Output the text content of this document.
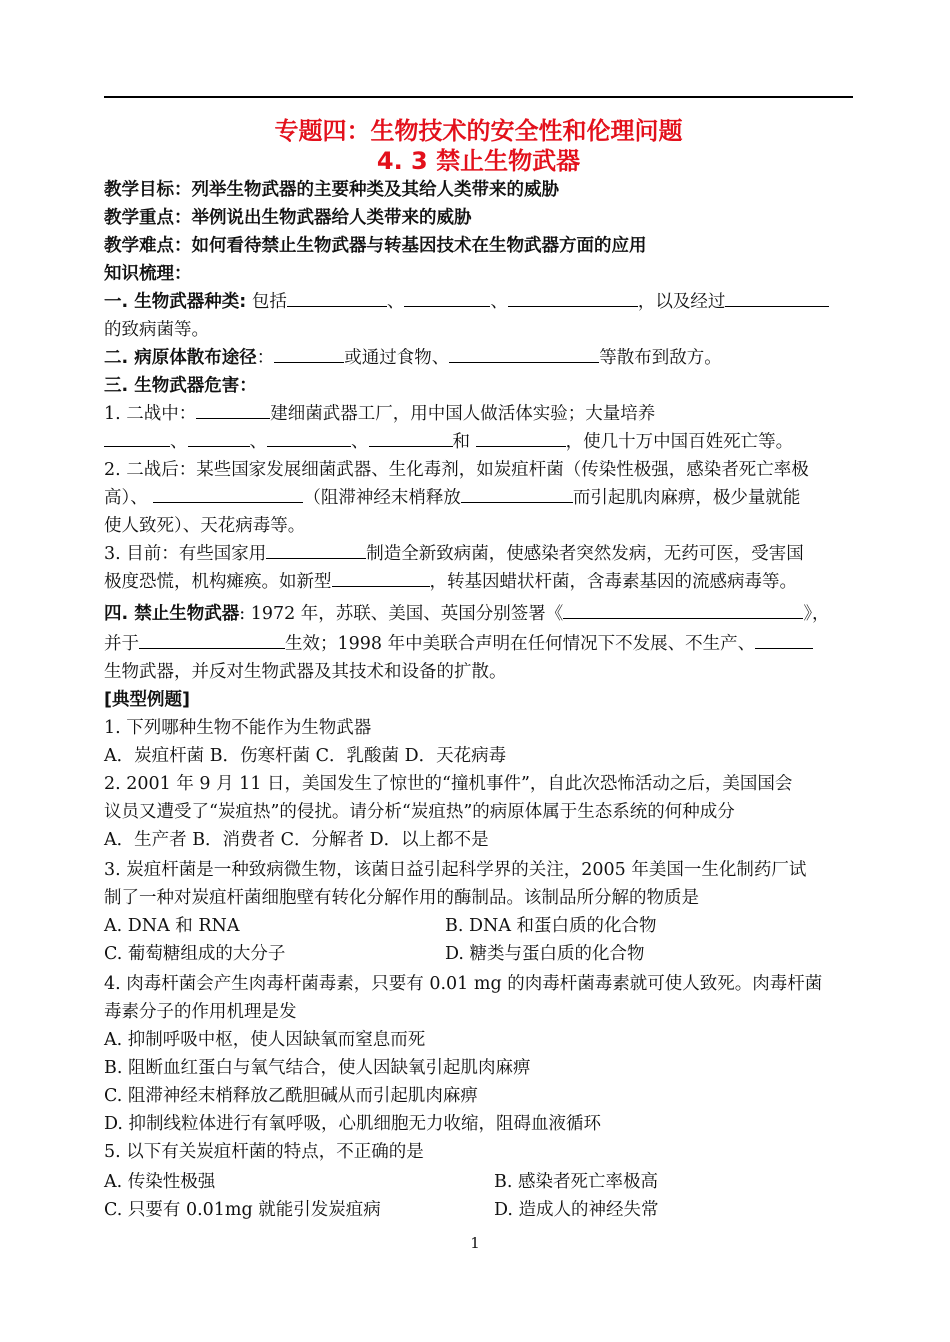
专题四：生物技术的安全性和伦理问题
4. 3 禁止生物武器
教学目标：列举生物武器的主要种类及其给人类带来的威胁
教学重点：举例说出生物武器给人类带来的威胁
教学难点：如何看待禁止生物武器与转基因技术在生物武器方面的应用
知识梳理：
一. 生物武器种类: 包括	、	、	，以及经过
的致病菌等。
二. 病原体散布途径：	或通过食物、	等散布到敌方。
三. 生物武器危害：
1. 二战中：	建细菌武器工厂，用中国人做活体实验；大量培养
、	、	、	和	，使几十万中国百姓死亡等。
2. 二战后：某些国家发展细菌武器、生化毒剂，如炭疽杆菌（传染性极强，感染者死亡率极
高）、	（阻滞神经末梢释放	而引起肌肉麻痹，极少量就能
使人致死）、天花病毒等。
3. 目前：有些国家用	制造全新致病菌，使感染者突然发病，无药可医，受害国
极度恐慌，机构瘫痪。如新型	，转基因蜡状杆菌，含毒素基因的流感病毒等。
四. 禁止生物武器: 1972 年，苏联、美国、英国分别签署《	》，
并于	生效；1998 年中美联合声明在任何情况下不发展、不生产、
生物武器，并反对生物武器及其技术和设备的扩散。
[典型例题]
1. 下列哪种生物不能作为生物武器
A．炭疽杆菌 B．伤寒杆菌 C．乳酸菌 D．天花病毒
2. 2001 年 9 月 11 日，美国发生了惊世的“撞机事件”，自此次恐怖活动之后，美国国会
议员又遭受了“炭疽热”的侵扰。请分析“炭疽热”的病原体属于生态系统的何种成分
A．生产者 B．消费者 C．分解者 D．以上都不是
3. 炭疽杆菌是一种致病微生物，该菌日益引起科学界的关注，2005 年美国一生化制药厂试
制了一种对炭疽杆菌细胞壁有转化分解作用的酶制品。该制品所分解的物质是
A. DNA 和 RNA	B. DNA 和蛋白质的化合物
C. 葡萄糖组成的大分子	D. 糖类与蛋白质的化合物
4. 肉毒杆菌会产生肉毒杆菌毒素，只要有 0.01 mg 的肉毒杆菌毒素就可使人致死。肉毒杆菌
毒素分子的作用机理是发
A. 抑制呼吸中枢，使人因缺氧而窒息而死
B. 阻断血红蛋白与氧气结合，使人因缺氧引起肌肉麻痹
C. 阻滞神经末梢释放乙酰胆碱从而引起肌肉麻痹
D. 抑制线粒体进行有氧呼吸，心肌细胞无力收缩，阻碍血液循环
5. 以下有关炭疽杆菌的特点，不正确的是
A. 传染性极强	B. 感染者死亡率极高
C. 只要有 0.01mg 就能引发炭疽病	D. 造成人的神经失常
1
